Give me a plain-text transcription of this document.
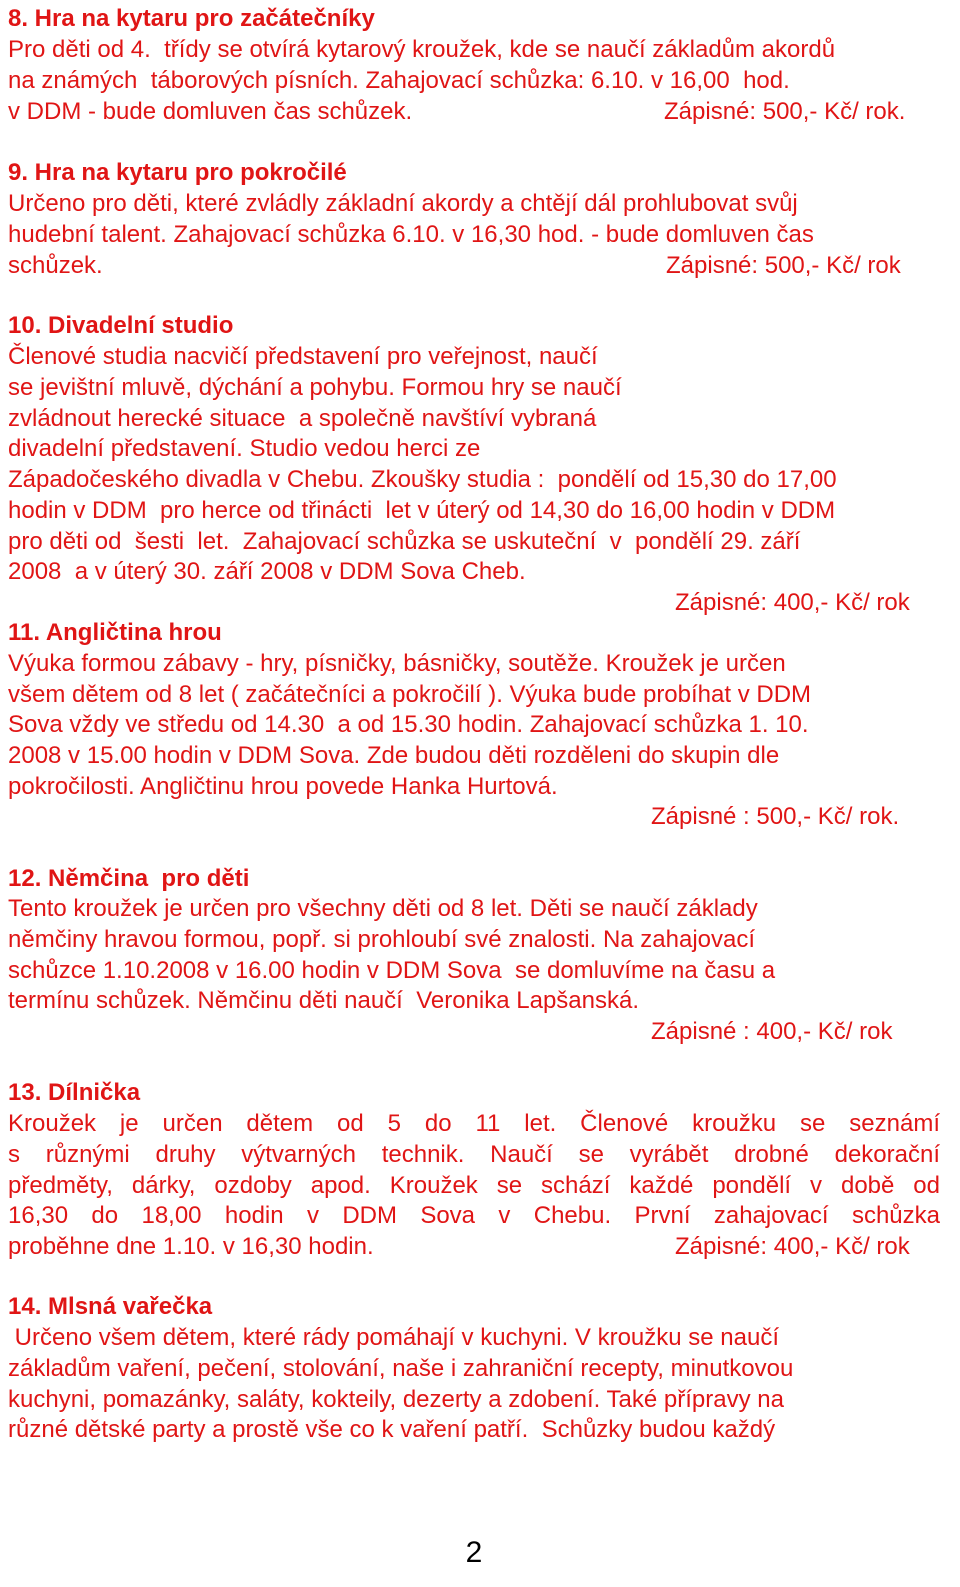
8. Hra na kytaru pro začátečníky
Pro děti od 4.  třídy se otvírá kytarový kroužek, kde se naučí základům akordů
na známých  táborových písních. Zahajovací schůzka: 6.10. v 16,00  hod.
v DDM - bude domluven čas schůzek.	Zápisné: 500,- Kč/ rok.
9. Hra na kytaru pro pokročilé
Určeno pro děti, které zvládly základní akordy a chtějí dál prohlubovat svůj
hudební talent. Zahajovací schůzka 6.10. v 16,30 hod. - bude domluven čas
schůzek.	Zápisné: 500,- Kč/ rok
10. Divadelní studio
Členové studia nacvičí představení pro veřejnost, naučí
se jevištní mluvě, dýchání a pohybu. Formou hry se naučí
zvládnout herecké situace  a společně navštíví vybraná
divadelní představení. Studio vedou herci ze
Západočeského divadla v Chebu. Zkoušky studia :  pondělí od 15,30 do 17,00
hodin v DDM  pro herce od třinácti  let v úterý od 14,30 do 16,00 hodin v DDM
pro děti od  šesti  let.  Zahajovací schůzka se uskuteční  v  pondělí 29. září
2008  a v úterý 30. září 2008 v DDM Sova Cheb.
Zápisné: 400,- Kč/ rok
11. Angličtina hrou
Výuka formou zábavy - hry, písničky, básničky, soutěže. Kroužek je určen
všem dětem od 8 let ( začátečníci a pokročilí ). Výuka bude probíhat v DDM
Sova vždy ve středu od 14.30  a od 15.30 hodin. Zahajovací schůzka 1. 10.
2008 v 15.00 hodin v DDM Sova. Zde budou děti rozděleni do skupin dle
pokročilosti. Angličtinu hrou povede Hanka Hurtová.
Zápisné : 500,- Kč/ rok.
12. Němčina  pro děti
Tento kroužek je určen pro všechny děti od 8 let. Děti se naučí základy
němčiny hravou formou, popř. si prohloubí své znalosti. Na zahajovací
schůzce 1.10.2008 v 16.00 hodin v DDM Sova  se domluvíme na času a
termínu schůzek. Němčinu děti naučí  Veronika Lapšanská.
Zápisné : 400,- Kč/ rok
13. Dílnička
Kroužek je určen dětem od 5 do 11 let. Členové kroužku se seznámí
s různými druhy výtvarných technik. Naučí se vyrábět drobné dekorační
předměty, dárky, ozdoby apod. Kroužek se schází každé pondělí v době od
16,30 do 18,00 hodin v DDM Sova v Chebu. První zahajovací schůzka
proběhne dne 1.10. v 16,30 hodin.	Zápisné: 400,- Kč/ rok
14. Mlsná vařečka
Určeno všem dětem, které rády pomáhají v kuchyni. V kroužku se naučí
základům vaření, pečení, stolování, naše i zahraniční recepty, minutkovou
kuchyni, pomazánky, saláty, kokteily, dezerty a zdobení. Také přípravy na
různé dětské party a prostě vše co k vaření patří.  Schůzky budou každý
2
